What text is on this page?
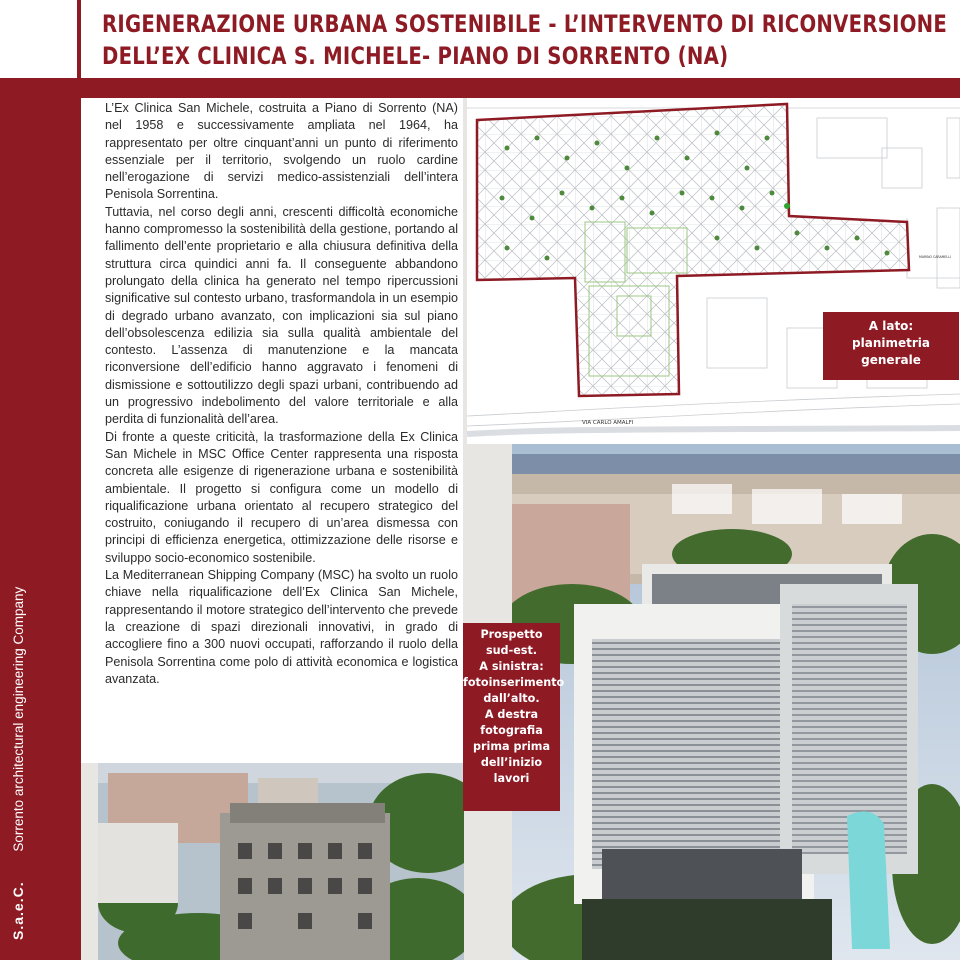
RIGENERAZIONE URBANA SOSTENIBILE - L’INTERVENTO DI RICONVERSIONE
DELL’EX CLINICA S. MICHELE- PIANO DI SORRENTO (NA)
S.a.e.C. Sorrento architectural engineering Company

L’Ex Clinica San Michele, costruita a Piano di Sorrento (NA) nel 1958 e successivamente ampliata nel 1964, ha rappresentato per oltre cinquant’anni un punto di riferimento essenziale per il territorio, svolgendo un ruolo cardine nell’erogazione di servizi medico-assistenziali dell’intera Penisola Sorrentina.

Tuttavia, nel corso degli anni, crescenti difficoltà economiche hanno compromesso la sostenibilità della gestione, portando al fallimento dell’ente proprietario e alla chiusura definitiva della struttura circa quindici anni fa. Il conseguente abbandono prolungato della clinica ha generato nel tempo ripercussioni significative sul contesto urbano, trasformandola in un esempio di degrado urbano avanzato, con implicazioni sia sul piano dell’obsolescenza edilizia sia sulla qualità ambientale del contesto. L’assenza di manutenzione e la mancata riconversione dell’edificio hanno aggravato i fenomeni di dismissione e sottoutilizzo degli spazi urbani, contribuendo ad un progressivo indebolimento del valore territoriale e alla perdita di funzionalità dell’area.

Di fronte a queste criticità, la trasformazione della Ex Clinica San Michele in MSC Office Center rappresenta una risposta concreta alle esigenze di rigenerazione urbana e sostenibilità ambientale. Il progetto si configura come un modello di riqualificazione urbana orientato al recupero strategico del costruito, coniugando il recupero di un’area dismessa con principi di efficienza energetica, ottimizzazione delle risorse e sviluppo socio-economico sostenibile.

La Mediterranean Shipping Company (MSC) ha svolto un ruolo chiave nella riqualificazione dell’Ex Clinica San Michele, rappresentando il motore strategico dell’intervento che prevede la creazione di spazi direzionali innovativi, in grado di accogliere fino a 300 nuovi occupati, rafforzando il ruolo della Penisola Sorrentina come polo di attività economica e logistica avanzata.

VIA CARLO AMALFI
MARINO CARAMELLI
A lato:
planimetria
generale
Prospetto
sud-est.
A sinistra:
fotoinserimento
dall’alto.
A destra
fotografia
prima prima
dell’inizio
lavori
